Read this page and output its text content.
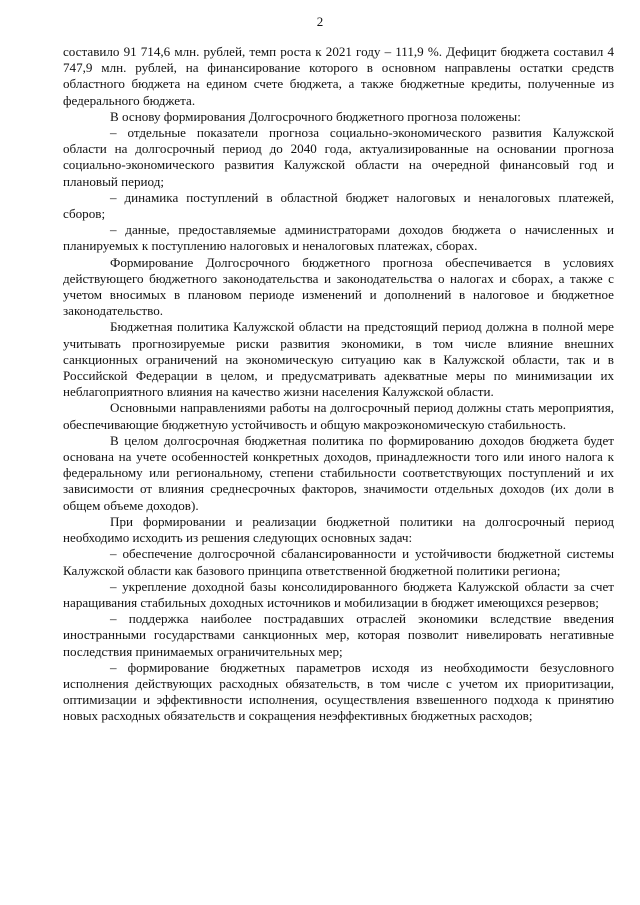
2

составило 91 714,6 млн. рублей, темп роста к 2021 году – 111,9 %. Дефицит бюджета составил 4 747,9 млн. рублей, на финансирование которого в основном направлены остатки средств областного бюджета на едином счете бюджета, а также бюджетные кредиты, полученные из федерального бюджета.

В основу формирования Долгосрочного бюджетного прогноза положены:

– отдельные показатели прогноза социально-экономического развития Калужской области на долгосрочный период до 2040 года, актуализированные на основании прогноза социально-экономического развития Калужской области на очередной финансовый год и плановый период;

– динамика поступлений в областной бюджет налоговых и неналоговых платежей, сборов;

– данные, предоставляемые администраторами доходов бюджета о начисленных и планируемых к поступлению налоговых и неналоговых платежах, сборах.

Формирование Долгосрочного бюджетного прогноза обеспечивается в условиях действующего бюджетного законодательства и законодательства о налогах и сборах, а также с учетом вносимых в плановом периоде изменений и дополнений в налоговое и бюджетное законодательство.

Бюджетная политика Калужской области на предстоящий период должна в полной мере учитывать прогнозируемые риски развития экономики, в том числе влияние внешних санкционных ограничений на экономическую ситуацию как в Калужской области, так и в Российской Федерации в целом, и предусматривать адекватные меры по минимизации их неблагоприятного влияния на качество жизни населения Калужской области.

Основными направлениями работы на долгосрочный период должны стать мероприятия, обеспечивающие бюджетную устойчивость и общую макроэкономическую стабильность.

В целом долгосрочная бюджетная политика по формированию доходов бюджета будет основана на учете особенностей конкретных доходов, принадлежности того или иного налога к федеральному или региональному, степени стабильности соответствующих поступлений и их зависимости от влияния среднесрочных факторов, значимости отдельных доходов (их доли в общем объеме доходов).

При формировании и реализации бюджетной политики на долгосрочный период необходимо исходить из решения следующих основных задач:

– обеспечение долгосрочной сбалансированности и устойчивости бюджетной системы Калужской области как базового принципа ответственной бюджетной политики региона;

– укрепление доходной базы консолидированного бюджета Калужской области за счет наращивания стабильных доходных источников и мобилизации в бюджет имеющихся резервов;

– поддержка наиболее пострадавших отраслей экономики вследствие введения иностранными государствами санкционных мер, которая позволит нивелировать негативные последствия принимаемых ограничительных мер;

– формирование бюджетных параметров исходя из необходимости безусловного исполнения действующих расходных обязательств, в том числе с учетом их приоритизации, оптимизации и эффективности исполнения, осуществления взвешенного подхода к принятию новых расходных обязательств и сокращения неэффективных бюджетных расходов;
